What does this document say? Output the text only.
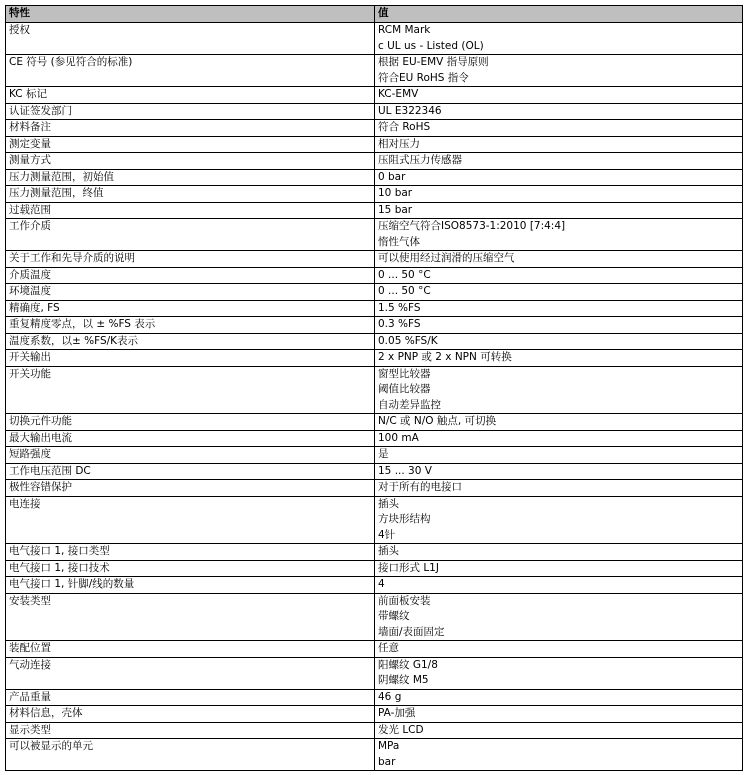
特性	值
授权	RCM Mark
c UL us - Listed (OL)

CE 符号 (参见符合的标准)	根据 EU-EMV 指导原则
符合EU RoHS 指令

KC 标记	KC-EMV

认证签发部门	UL E322346

材料备注	符合 RoHS

测定变量	相对压力

测量方式	压阻式压力传感器

压力测量范围，初始值	0 bar

压力测量范围，终值	10 bar

过载范围	15 bar

工作介质	压缩空气符合ISO8573-1:2010 [7:4:4]
惰性气体

关于工作和先导介质的说明	可以使用经过润滑的压缩空气

介质温度	0 ... 50 °C

环境温度	0 ... 50 °C

精确度, FS	1.5 %FS

重复精度零点，以 ± %FS 表示	0.3 %FS

温度系数，以± %FS/K表示	0.05 %FS/K

开关输出	2 x PNP 或 2 x NPN 可转换

开关功能	窗型比较器
阈值比较器
自动差异监控

切换元件功能	N/C 或 N/O 触点, 可切换

最大输出电流	100 mA

短路强度	是

工作电压范围 DC	15 ... 30 V

极性容错保护	对于所有的电接口

电连接	插头
方块形结构
4针

电气接口 1, 接口类型	插头

电气接口 1, 接口技术	接口形式 L1J

电气接口 1, 针脚/线的数量	4

安装类型	前面板安装
带螺纹
墙面/表面固定

装配位置	任意

气动连接	阳螺纹 G1/8
阴螺纹 M5

产品重量	46 g

材料信息，壳体	PA-加强

显示类型	发光 LCD

可以被显示的单元	MPa
bar
